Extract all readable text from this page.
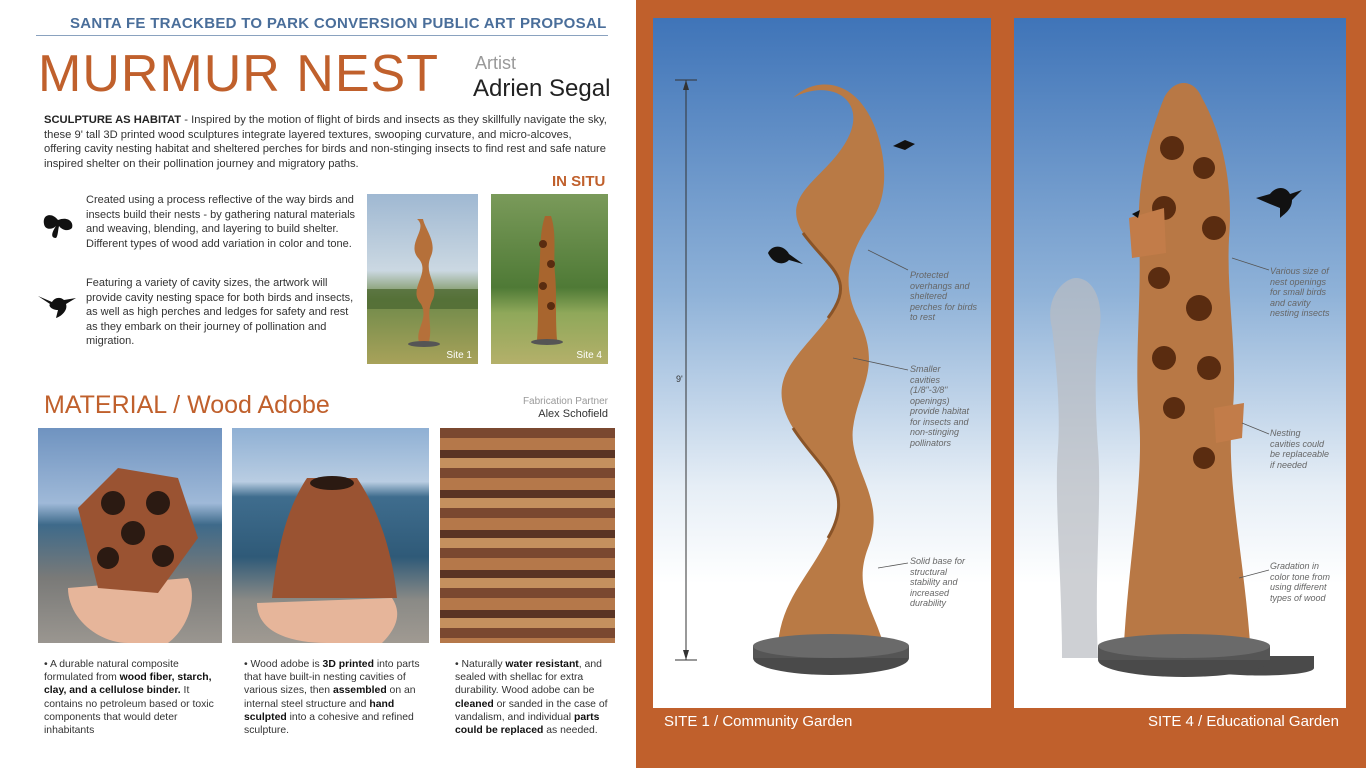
SANTA FE TRACKBED TO PARK CONVERSION PUBLIC ART PROPOSAL
MURMUR NEST Artist
Adrien Segal
SCULPTURE AS HABITAT - Inspired by the motion of flight of birds and insects as they skillfully navigate the sky, these 9' tall 3D printed wood sculptures integrate layered textures, swooping curvature, and micro-alcoves, offering cavity nesting habitat and sheltered perches for birds and non-stinging insects to find rest and safe nature inspired shelter on their pollination journey and migratory paths.
IN SITU
Created using a process reflective of the way birds and insects build their nests - by gathering natural materials and weaving, blending, and layering to build shelter. Different types of wood add variation in color and tone.
Featuring a variety of cavity sizes, the artwork will provide cavity nesting space for both birds and insects, as well as high perches and ledges for safety and rest as they embark on their journey of pollination and migration.
Site 1	Site 4
MATERIAL / Wood Adobe	Fabrication Partner
Alex Schofield
• A durable natural composite formulated from wood fiber, starch, clay, and a cellulose binder. It contains no petroleum based or toxic components that would deter inhabitants
• Wood adobe is 3D printed into parts that have built-in nesting cavities of various sizes, then assembled on an internal steel structure and hand sculpted into a cohesive and refined sculpture.
• Naturally water resistant, and sealed with shellac for extra durability. Wood adobe can be cleaned or sanded in the case of vandalism, and individual parts could be replaced as needed.
9'
Protected overhangs and sheltered perches for birds to rest
Smaller cavities (1/8"-3/8" openings) provide habitat for insects and non-stinging pollinators
Solid base for structural stability and increased durability
SITE 1 / Community Garden
Various size of nest openings for small birds and cavity nesting insects
Nesting cavities could be replaceable if needed
Gradation in color tone from using different types of wood
SITE 4 / Educational Garden
